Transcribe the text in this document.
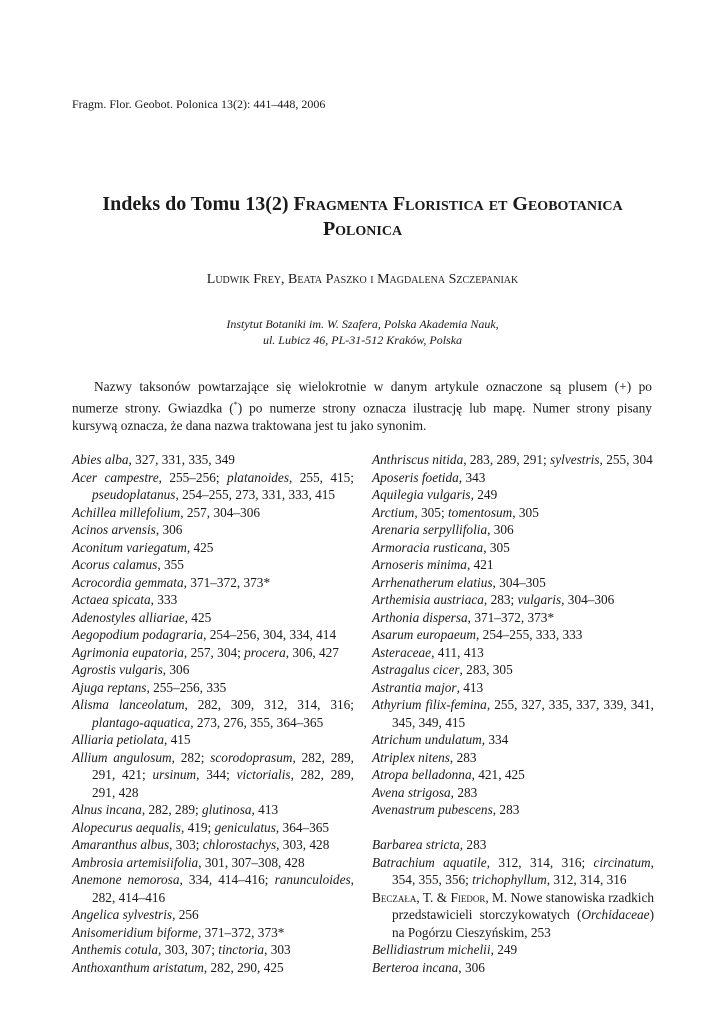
Fragm. Flor. Geobot. Polonica 13(2): 441–448, 2006
Indeks do Tomu 13(2) Fragmenta Floristica et Geobotanica
Polonica
Ludwik Frey, Beata Paszko i Magdalena Szczepaniak
Instytut Botaniki im. W. Szafera, Polska Akademia Nauk,
ul. Lubicz 46, PL-31-512 Kraków, Polska
Nazwy taksonów powtarzające się wielokrotnie w danym artykule oznaczone są plusem (+) po numerze strony. Gwiazdka (*) po numerze strony oznacza ilustrację lub mapę. Numer strony pisany kursywą oznacza, że dana nazwa traktowana jest tu jako synonim.
Abies alba, 327, 331, 335, 349
Acer campestre, 255–256; platanoides, 255, 415; pseudoplatanus, 254–255, 273, 331, 333, 415
Achillea millefolium, 257, 304–306
Acinos arvensis, 306
Aconitum variegatum, 425
Acorus calamus, 355
Acrocordia gemmata, 371–372, 373*
Actaea spicata, 333
Adenostyles alliariae, 425
Aegopodium podagraria, 254–256, 304, 334, 414
Agrimonia eupatoria, 257, 304; procera, 306, 427
Agrostis vulgaris, 306
Ajuga reptans, 255–256, 335
Alisma lanceolatum, 282, 309, 312, 314, 316; plantago-aquatica, 273, 276, 355, 364–365
Alliaria petiolata, 415
Allium angulosum, 282; scorodoprasum, 282, 289, 291, 421; ursinum, 344; victorialis, 282, 289, 291, 428
Alnus incana, 282, 289; glutinosa, 413
Alopecurus aequalis, 419; geniculatus, 364–365
Amaranthus albus, 303; chlorostachys, 303, 428
Ambrosia artemisiifolia, 301, 307–308, 428
Anemone nemorosa, 334, 414–416; ranunculoides, 282, 414–416
Angelica sylvestris, 256
Anisomeridium biforme, 371–372, 373*
Anthemis cotula, 303, 307; tinctoria, 303
Anthoxanthum aristatum, 282, 290, 425
Anthriscus nitida, 283, 289, 291; sylvestris, 255, 304
Aposeris foetida, 343
Aquilegia vulgaris, 249
Arctium, 305; tomentosum, 305
Arenaria serpyllifolia, 306
Armoracia rusticana, 305
Arnoseris minima, 421
Arrhenatherum elatius, 304–305
Arthemisia austriaca, 283; vulgaris, 304–306
Arthonia dispersa, 371–372, 373*
Asarum europaeum, 254–255, 333, 333
Asteraceae, 411, 413
Astragalus cicer, 283, 305
Astrantia major, 413
Athyrium filix-femina, 255, 327, 335, 337, 339, 341, 345, 349, 415
Atrichum undulatum, 334
Atriplex nitens, 283
Atropa belladonna, 421, 425
Avena strigosa, 283
Avenastrum pubescens, 283
Barbarea stricta, 283
Batrachium aquatile, 312, 314, 316; circinatum, 354, 355, 356; trichophyllum, 312, 314, 316
Beczała, T. & Fiedor, M. Nowe stanowiska rzadkich przedstawicieli storczykowatych (Orchidaceae) na Pogórzu Cieszyńskim, 253
Bellidiastrum michelii, 249
Berteroa incana, 306
